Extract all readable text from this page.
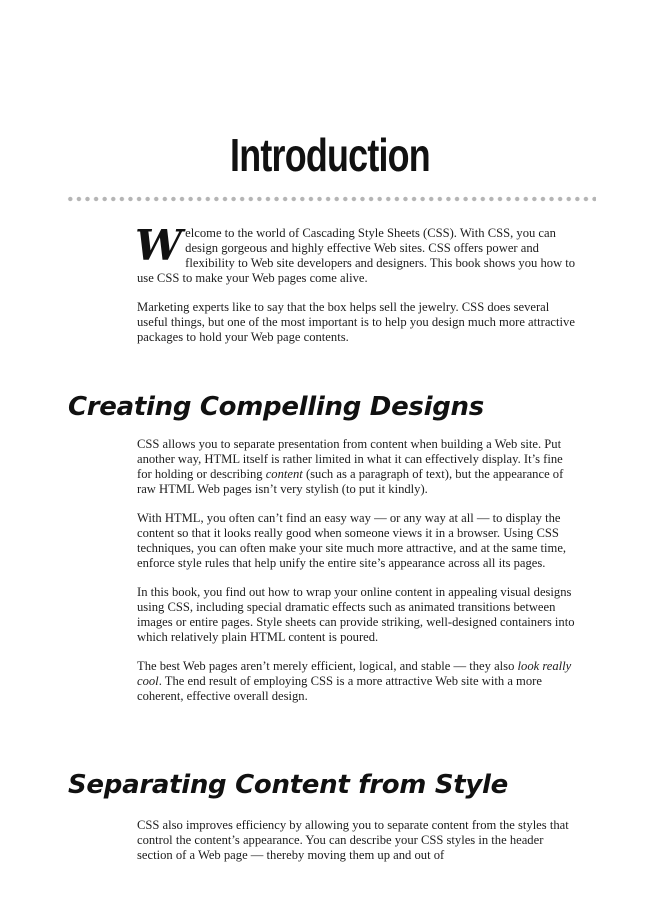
Introduction

Welcome to the world of Cascading Style Sheets (CSS). With CSS, you can design gorgeous and highly effective Web sites. CSS offers power and flexibility to Web site developers and designers. This book shows you how to use CSS to make your Web pages come alive.

Marketing experts like to say that the box helps sell the jewelry. CSS does several useful things, but one of the most important is to help you design much more attractive packages to hold your Web page contents.

Creating Compelling Designs

CSS allows you to separate presentation from content when building a Web site. Put another way, HTML itself is rather limited in what it can effectively display. It’s fine for holding or describing content (such as a paragraph of text), but the appearance of raw HTML Web pages isn’t very stylish (to put it kindly).

With HTML, you often can’t find an easy way — or any way at all — to display the content so that it looks really good when someone views it in a browser. Using CSS techniques, you can often make your site much more attractive, and at the same time, enforce style rules that help unify the entire site’s appearance across all its pages.

In this book, you find out how to wrap your online content in appealing visual designs using CSS, including special dramatic effects such as animated transitions between images or entire pages. Style sheets can provide striking, well-designed containers into which relatively plain HTML content is poured.

The best Web pages aren’t merely efficient, logical, and stable — they also look really cool. The end result of employing CSS is a more attractive Web site with a more coherent, effective overall design.

Separating Content from Style

CSS also improves efficiency by allowing you to separate content from the styles that control the content’s appearance. You can describe your CSS styles in the header section of a Web page — thereby moving them up and out of
